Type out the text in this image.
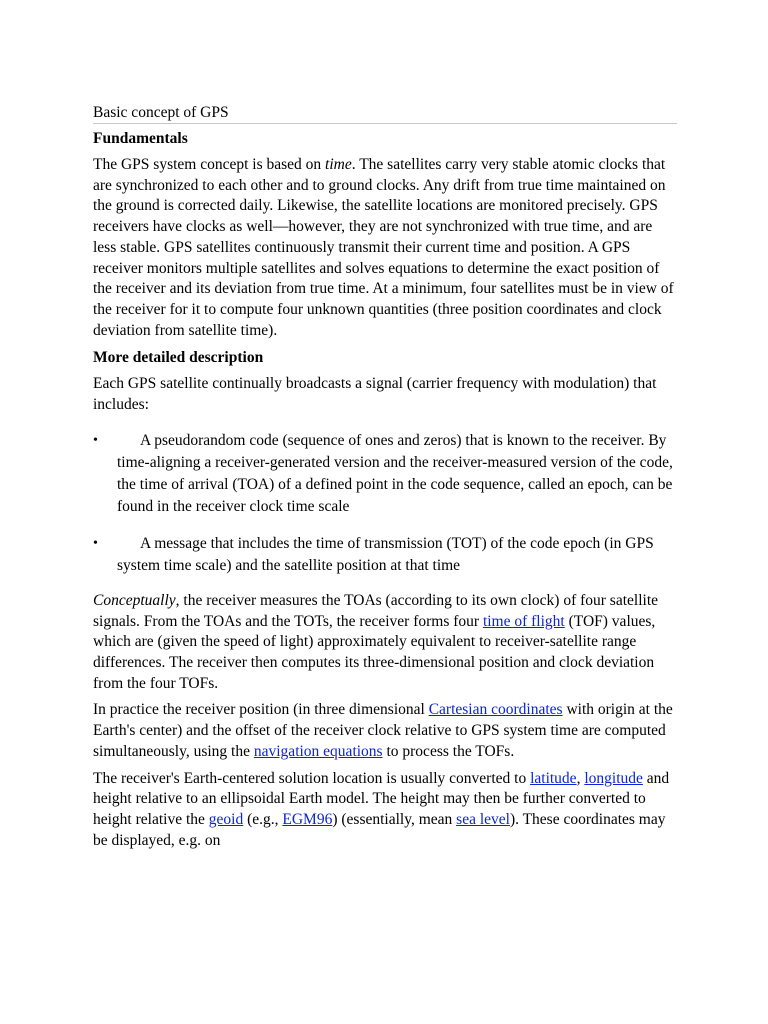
Basic concept of GPS
Fundamentals

The GPS system concept is based on time. The satellites carry very stable atomic clocks that are synchronized to each other and to ground clocks. Any drift from true time maintained on the ground is corrected daily. Likewise, the satellite locations are monitored precisely. GPS receivers have clocks as well—however, they are not synchronized with true time, and are less stable. GPS satellites continuously transmit their current time and position. A GPS receiver monitors multiple satellites and solves equations to determine the exact position of the receiver and its deviation from true time. At a minimum, four satellites must be in view of the receiver for it to compute four unknown quantities (three position coordinates and clock deviation from satellite time).

More detailed description

Each GPS satellite continually broadcasts a signal (carrier frequency with modulation) that includes:

•	A pseudorandom code (sequence of ones and zeros) that is known to the receiver. By time-aligning a receiver-generated version and the receiver-measured version of the code, the time of arrival (TOA) of a defined point in the code sequence, called an epoch, can be found in the receiver clock time scale
•	A message that includes the time of transmission (TOT) of the code epoch (in GPS system time scale) and the satellite position at that time

Conceptually, the receiver measures the TOAs (according to its own clock) of four satellite signals. From the TOAs and the TOTs, the receiver forms four time of flight (TOF) values, which are (given the speed of light) approximately equivalent to receiver-satellite range differences. The receiver then computes its three-dimensional position and clock deviation from the four TOFs.

In practice the receiver position (in three dimensional Cartesian coordinates with origin at the Earth's center) and the offset of the receiver clock relative to GPS system time are computed simultaneously, using the navigation equations to process the TOFs.

The receiver's Earth-centered solution location is usually converted to latitude, longitude and height relative to an ellipsoidal Earth model. The height may then be further converted to height relative the geoid (e.g., EGM96) (essentially, mean sea level). These coordinates may be displayed, e.g. on
